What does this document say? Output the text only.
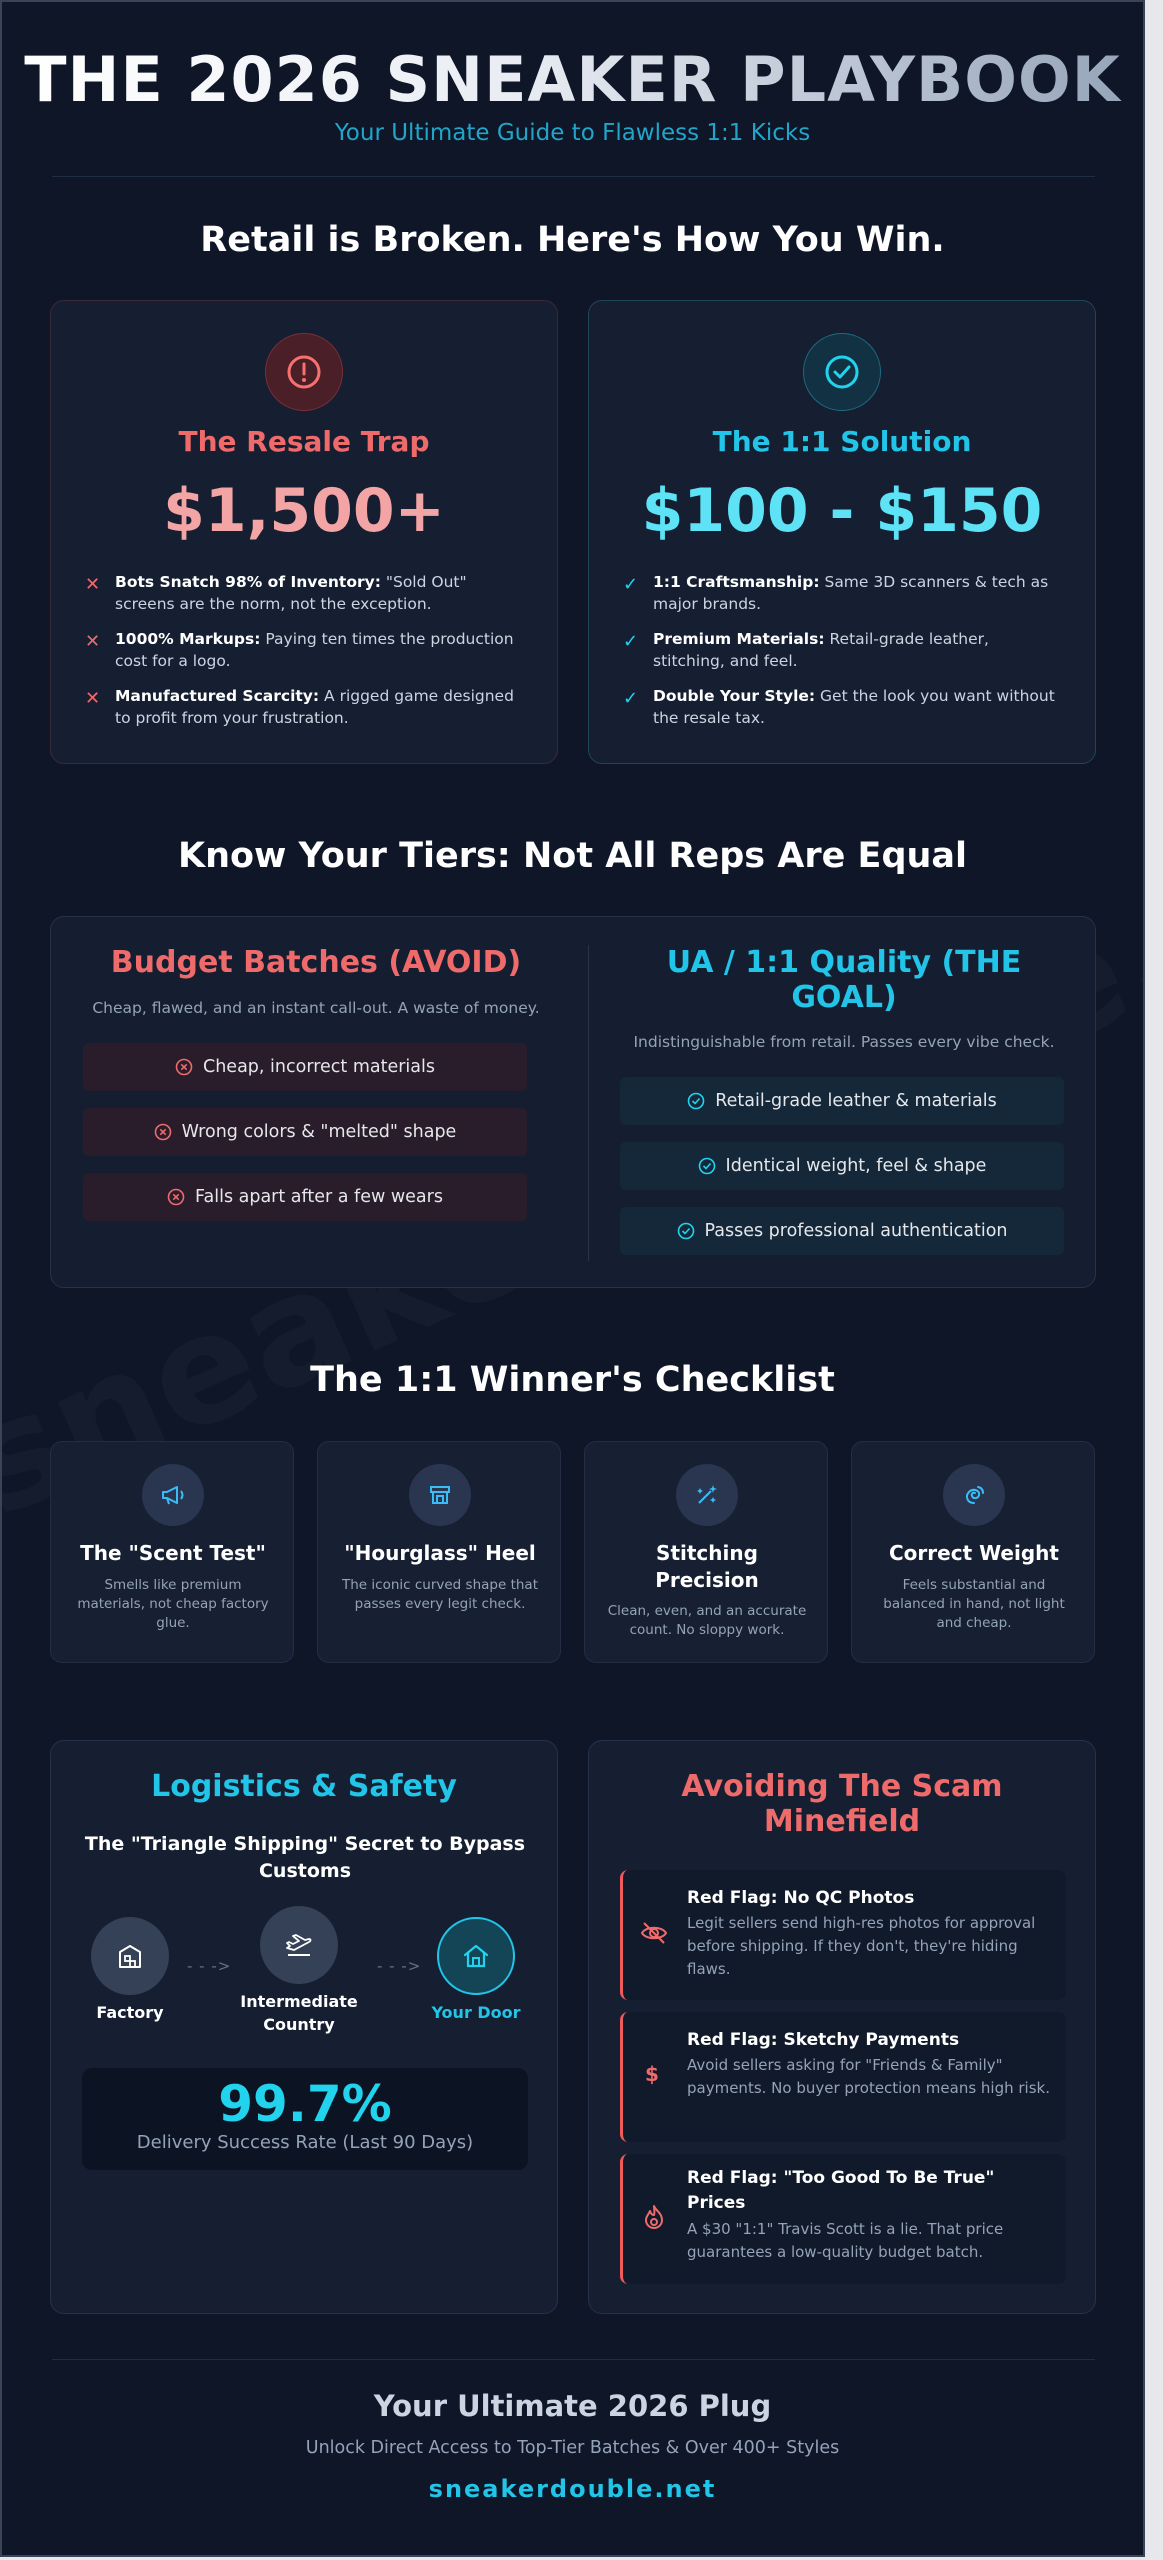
THE 2026 SNEAKER PLAYBOOK
Your Ultimate Guide to Flawless 1:1 Kicks
Retail is Broken. Here's How You Win.
The Resale Trap
$1,500+
✕ Bots Snatch 98% of Inventory: "Sold Out" screens are the norm, not the exception.
✕ 1000% Markups: Paying ten times the production cost for a logo.
✕ Manufactured Scarcity: A rigged game designed to profit from your frustration.
The 1:1 Solution
$100 - $150
✓ 1:1 Craftsmanship: Same 3D scanners & tech as major brands.
✓ Premium Materials: Retail-grade leather, stitching, and feel.
✓ Double Your Style: Get the look you want without the resale tax.
Know Your Tiers: Not All Reps Are Equal
Budget Batches (AVOID)
Cheap, flawed, and an instant call-out. A waste of money.
Cheap, incorrect materials
Wrong colors & "melted" shape
Falls apart after a few wears
UA / 1:1 Quality (THE
GOAL)
Indistinguishable from retail. Passes every vibe check.
Retail-grade leather & materials
Identical weight, feel & shape
Passes professional authentication
The 1:1 Winner's Checklist
The "Scent Test"
Smells like premium materials, not cheap factory glue.
"Hourglass" Heel
The iconic curved shape that passes every legit check.
Stitching
Precision
Clean, even, and an accurate count. No sloppy work.
Correct Weight
Feels substantial and balanced in hand, not light and cheap.
Logistics & Safety
The "Triangle Shipping" Secret to Bypass
Customs
Factory
- - ->
Intermediate
Country
- - ->
Your Door
99.7%
Delivery Success Rate (Last 90 Days)
Avoiding The Scam
Minefield
Red Flag: No QC Photos
Legit sellers send high-res photos for approval before shipping. If they don't, they're hiding flaws.
$
Red Flag: Sketchy Payments
Avoid sellers asking for "Friends & Family" payments. No buyer protection means high risk.
Red Flag: "Too Good To Be True"
Prices
A $30 "1:1" Travis Scott is a lie. That price guarantees a low-quality budget batch.
Your Ultimate 2026 Plug
Unlock Direct Access to Top-Tier Batches & Over 400+ Styles
sneakerdouble.net
